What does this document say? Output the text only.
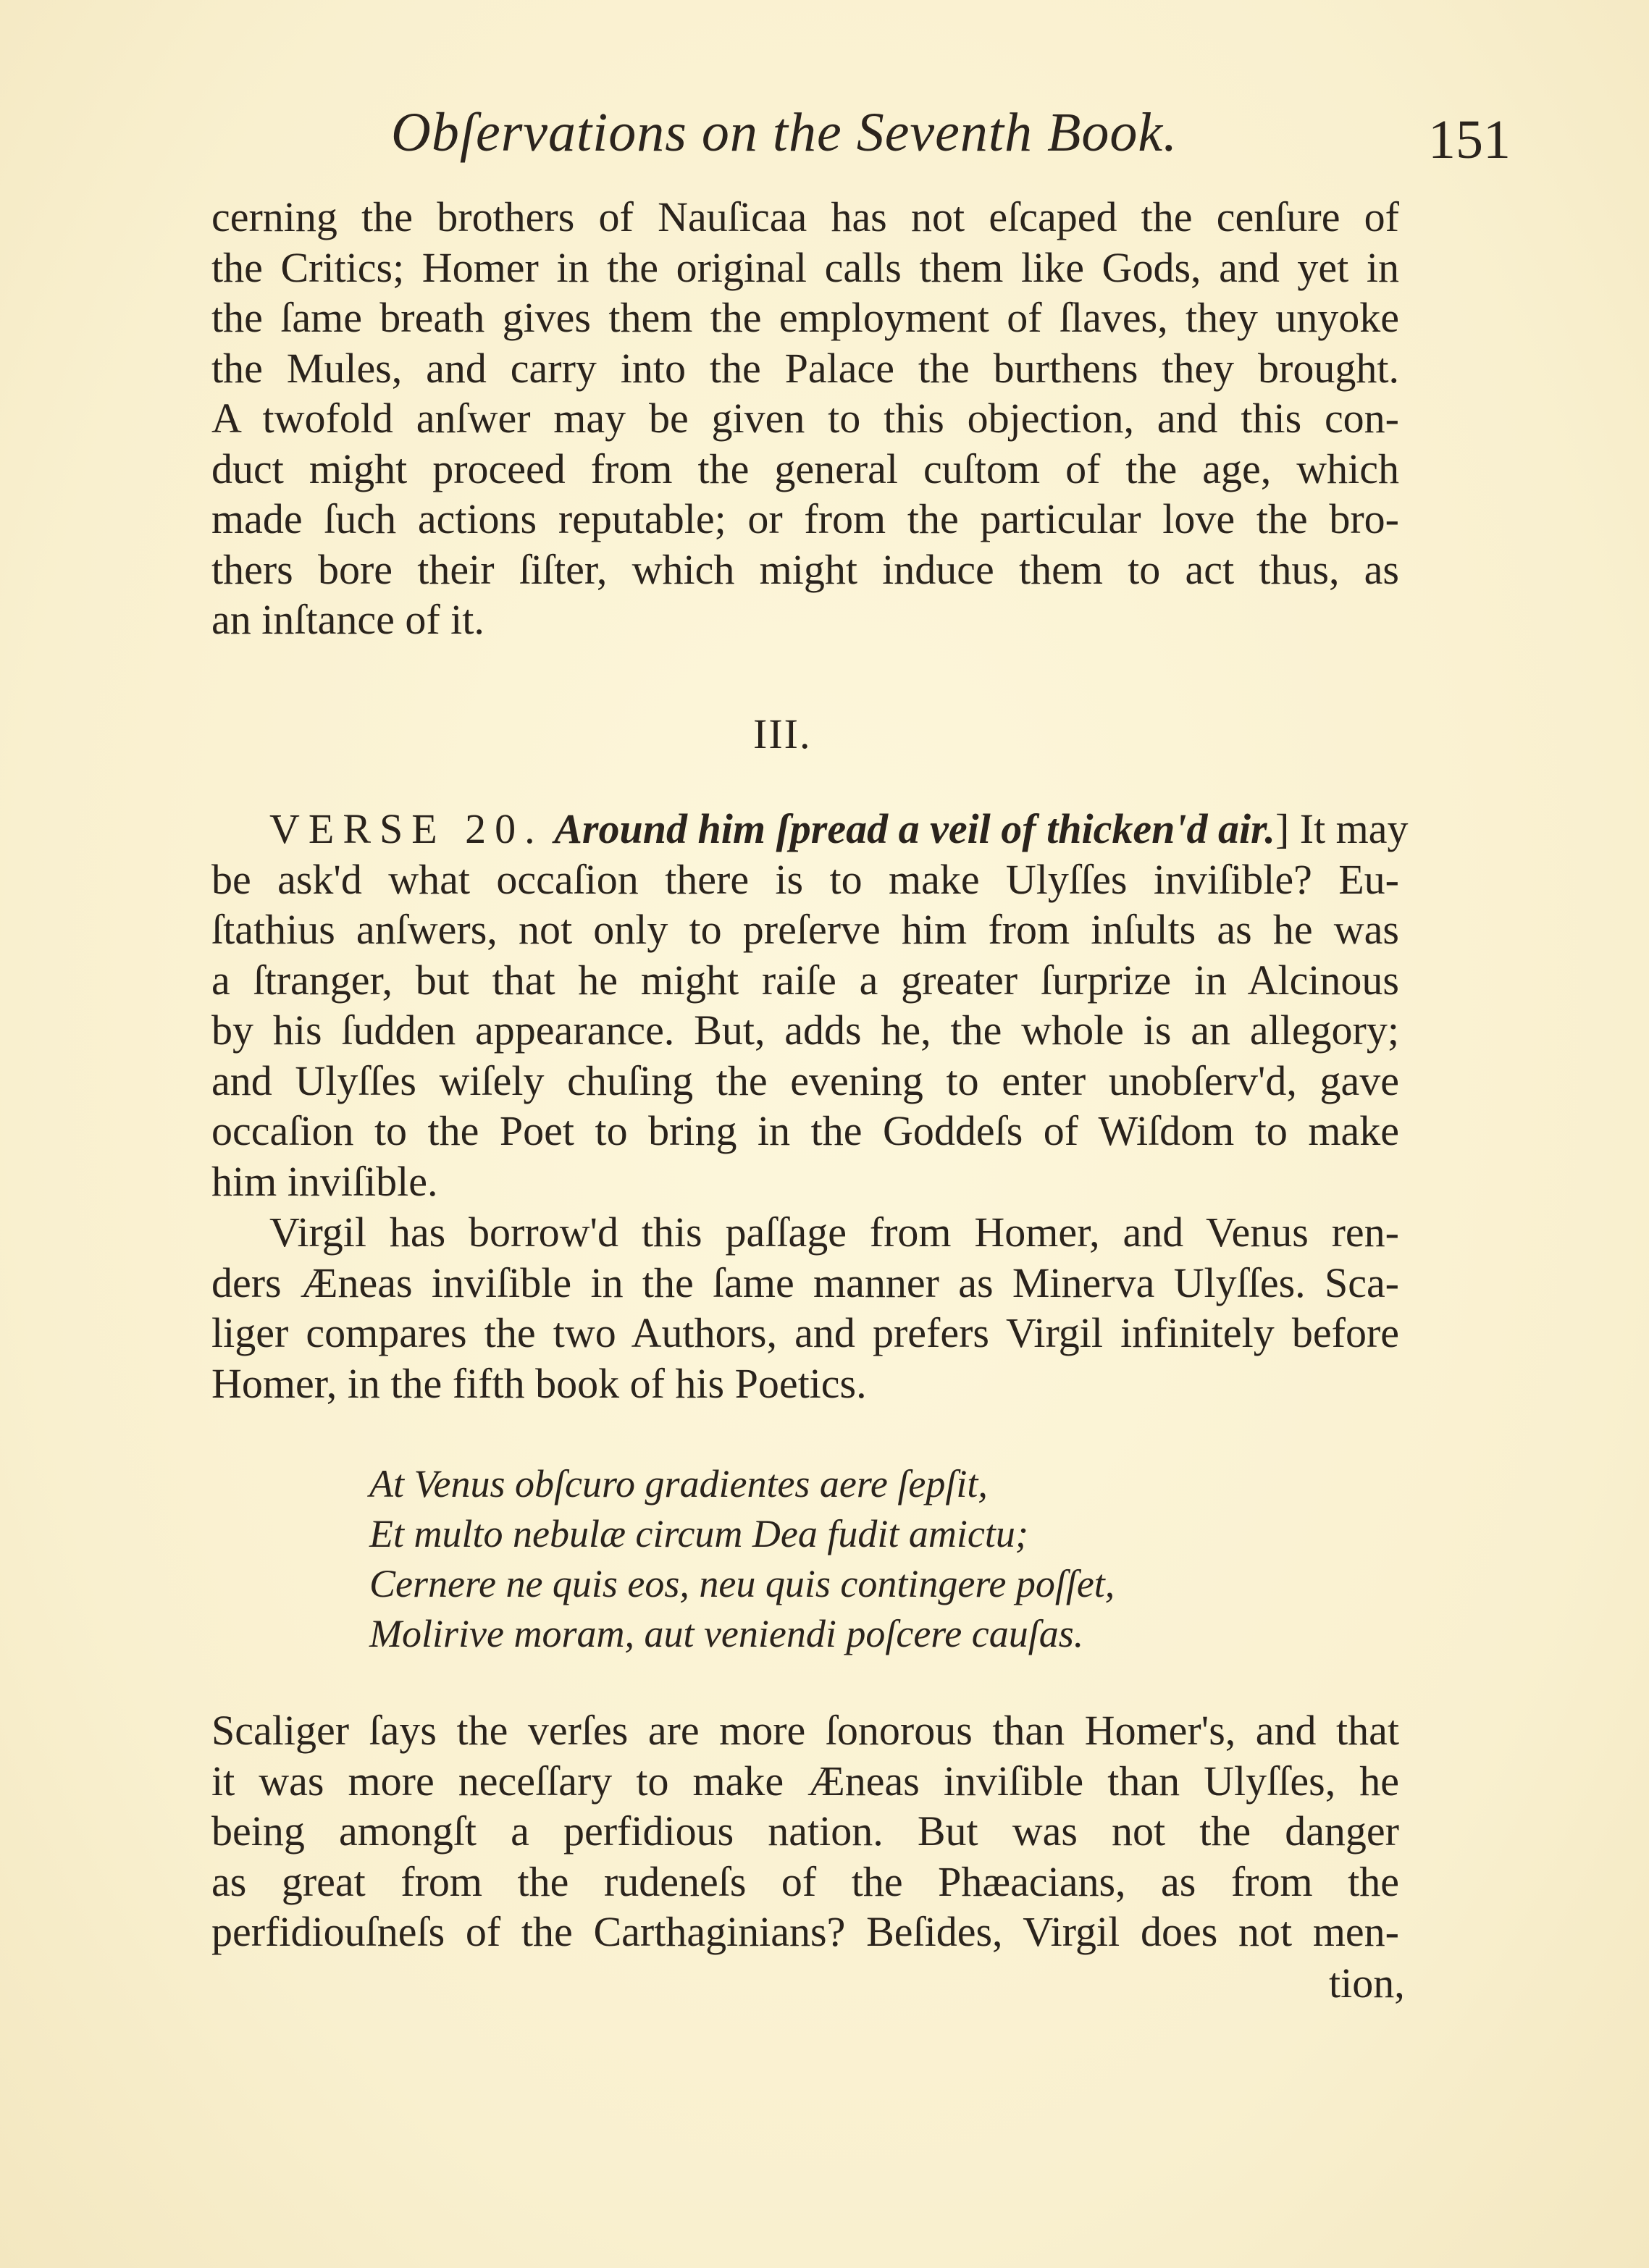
Obſervations on the Seventh Book.	151
cerning the brothers of Nauſicaa has not eſcaped the cenſure of
the Critics; Homer in the original calls them like Gods, and yet in
the ſame breath gives them the employment of ſlaves, they unyoke
the Mules, and carry into the Palace the burthens they brought.
A twofold anſwer may be given to this objection, and this con-
duct might proceed from the general cuſtom of the age, which
made ſuch actions reputable; or from the particular love the bro-
thers bore their ſiſter, which might induce them to act thus, as
an inſtance of it.
III.
VERSE 20. Around him ſpread a veil of thicken'd air.] It may
be ask'd what occaſion there is to make Ulyſſes inviſible? Eu-
ſtathius anſwers, not only to preſerve him from inſults as he was
a ſtranger, but that he might raiſe a greater ſurprize in Alcinous
by his ſudden appearance. But, adds he, the whole is an allegory;
and Ulyſſes wiſely chuſing the evening to enter unobſerv'd, gave
occaſion to the Poet to bring in the Goddeſs of Wiſdom to make
him inviſible.
Virgil has borrow'd this paſſage from Homer, and Venus ren-
ders Æneas inviſible in the ſame manner as Minerva Ulyſſes. Sca-
liger compares the two Authors, and prefers Virgil infinitely before
Homer, in the fifth book of his Poetics.
At Venus obſcuro gradientes aere ſepſit,
Et multo nebulæ circum Dea fudit amictu;
Cernere ne quis eos, neu quis contingere poſſet,
Molirive moram, aut veniendi poſcere cauſas.
Scaliger ſays the verſes are more ſonorous than Homer's, and that
it was more neceſſary to make Æneas inviſible than Ulyſſes, he
being amongſt a perfidious nation. But was not the danger
as great from the rudeneſs of the Phæacians, as from the
perfidiouſneſs of the Carthaginians? Beſides, Virgil does not men-
tion,
